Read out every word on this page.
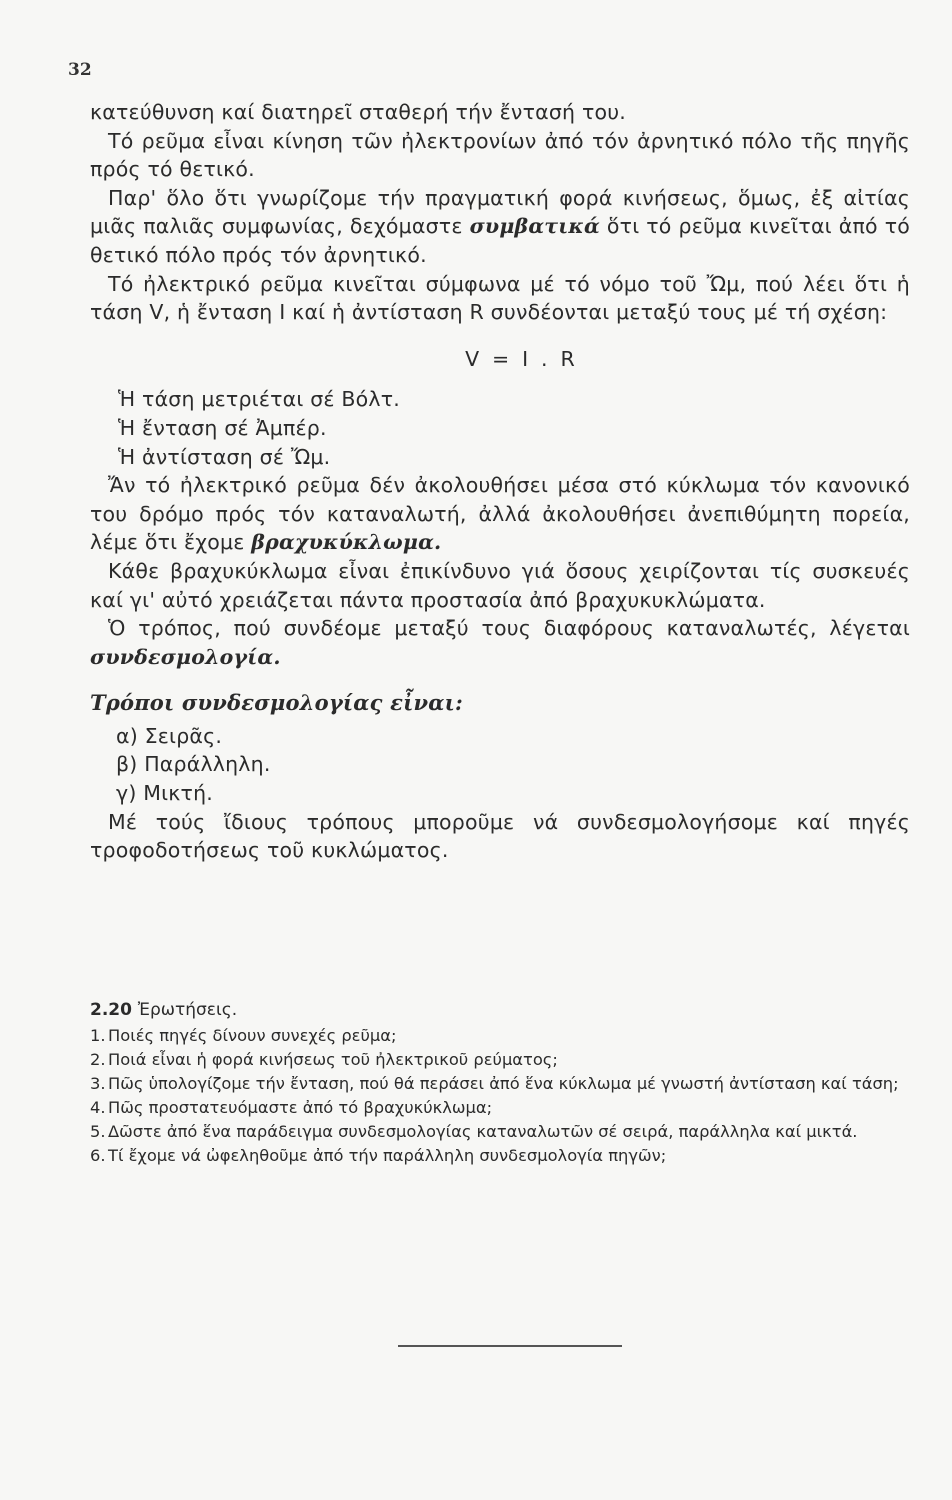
32

κατεύθυνση καί διατηρεῖ σταθερή τήν ἔντασή του.

Τό ρεῦμα εἶναι κίνηση τῶν ἠλεκτρονίων ἀπό τόν ἀρνητικό πόλο τῆς πηγῆς πρός τό θετικό.

Παρ' ὅλο ὅτι γνωρίζομε τήν πραγματική φορά κινήσεως, ὅμως, ἐξ αἰτίας μιᾶς παλιᾶς συμφωνίας, δεχόμαστε συμβατικά ὅτι τό ρεῦμα κινεῖται ἀπό τό θετικό πόλο πρός τόν ἀρνητικό.

Τό ἠλεκτρικό ρεῦμα κινεῖται σύμφωνα μέ τό νόμο τοῦ Ὤμ, πού λέει ὅτι ἡ τάση V, ἡ ἔνταση I καί ἡ ἀντίσταση R συνδέονται μεταξύ τους μέ τή σχέση:

V = I . R

Ἡ τάση μετριέται σέ Βόλτ.

Ἡ ἔνταση σέ Ἀμπέρ.

Ἡ ἀντίσταση σέ Ὤμ.

Ἄν τό ἠλεκτρικό ρεῦμα δέν ἀκολουθήσει μέσα στό κύκλωμα τόν κανονικό του δρόμο πρός τόν καταναλωτή, ἀλλά ἀκολουθήσει ἀνεπιθύμητη πορεία, λέμε ὅτι ἔχομε βραχυκύκλωμα.

Κάθε βραχυκύκλωμα εἶναι ἐπικίνδυνο γιά ὅσους χειρίζονται τίς συσκευές καί γι' αὐτό χρειάζεται πάντα προστασία ἀπό βραχυκυκλώματα.

Ὁ τρόπος, πού συνδέομε μεταξύ τους διαφόρους καταναλωτές, λέγεται συνδεσμολογία.

Τρόποι συνδεσμολογίας εἶναι:

α) Σειρᾶς.

β) Παράλληλη.

γ) Μικτή.

Μέ τούς ἴδιους τρόπους μποροῦμε νά συνδεσμολογήσομε καί πηγές τροφοδοτήσεως τοῦ κυκλώματος.

2.20 Ἐρωτήσεις.

1. Ποιές πηγές δίνουν συνεχές ρεῦμα;

2. Ποιά εἶναι ἡ φορά κινήσεως τοῦ ἠλεκτρικοῦ ρεύματος;

3. Πῶς ὑπολογίζομε τήν ἔνταση, πού θά περάσει ἀπό ἕνα κύκλωμα μέ γνωστή ἀντίσταση καί τάση;

4. Πῶς προστατευόμαστε ἀπό τό βραχυκύκλωμα;

5. Δῶστε ἀπό ἕνα παράδειγμα συνδεσμολογίας καταναλωτῶν σέ σειρά, παράλληλα καί μικτά.

6. Τί ἔχομε νά ὠφεληθοῦμε ἀπό τήν παράλληλη συνδεσμολογία πηγῶν;
